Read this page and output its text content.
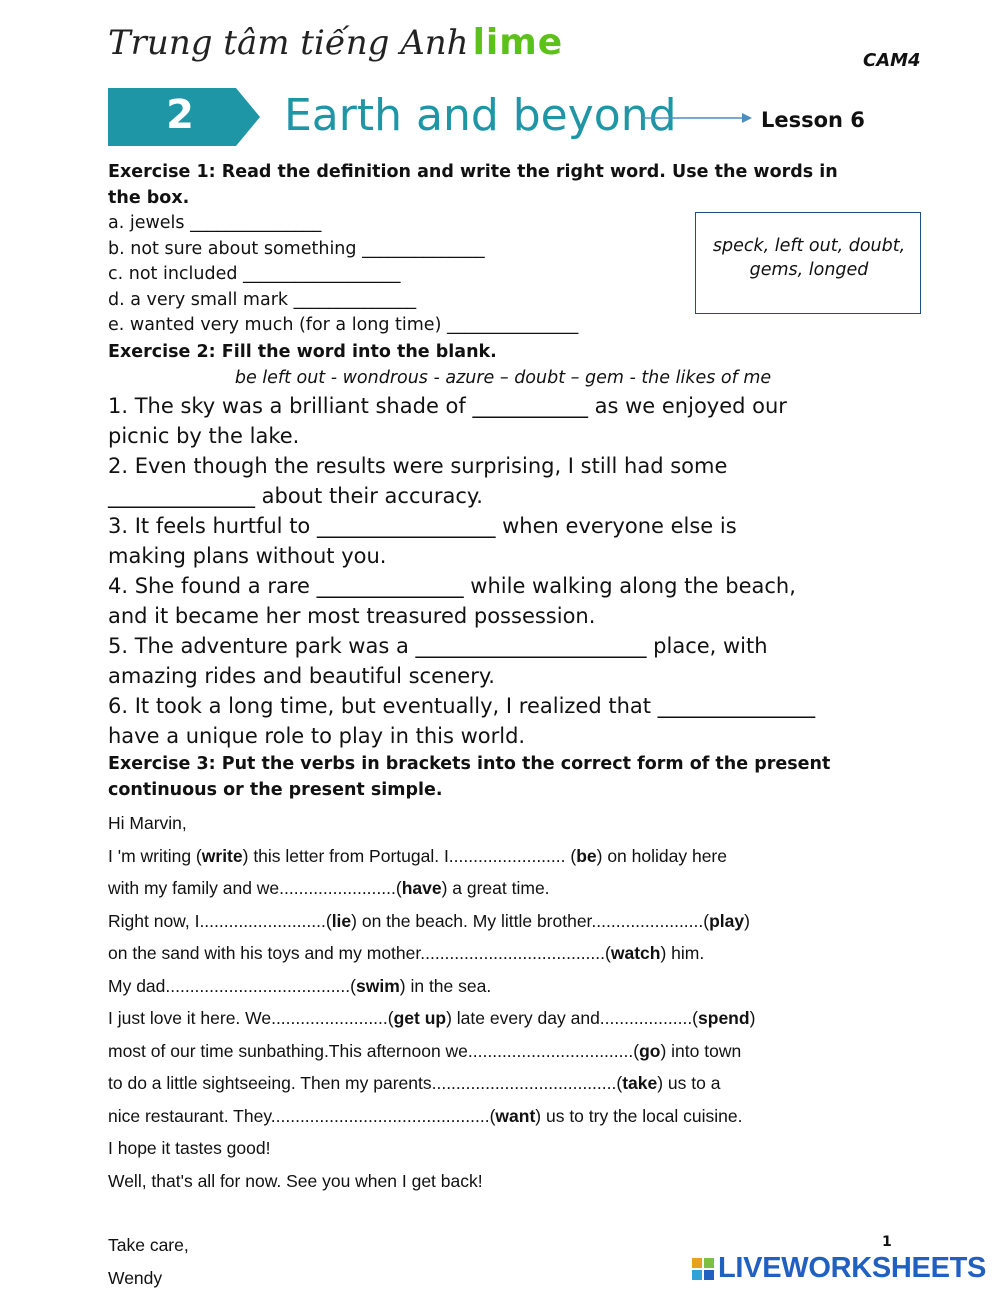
Trung tâm tiếng Anh lime	CAM4
2	Earth and beyond	Lesson 6
Exercise 1: Read the definition and write the right word. Use the words in
the box.
a. jewels _______________
b. not sure about something ______________
c. not included __________________
d. a very small mark ______________
e. wanted very much (for a long time) _______________
speck, left out, doubt,
gems, longed
Exercise 2: Fill the word into the blank.
be left out - wondrous - azure – doubt – gem - the likes of me
1. The sky was a brilliant shade of ___________ as we enjoyed our
picnic by the lake.
2. Even though the results were surprising, I still had some
______________ about their accuracy.
3. It feels hurtful to _________________ when everyone else is
making plans without you.
4. She found a rare ______________ while walking along the beach,
and it became her most treasured possession.
5. The adventure park was a ______________________ place, with
amazing rides and beautiful scenery.
6. It took a long time, but eventually, I realized that _______________
have a unique role to play in this world.
Exercise 3: Put the verbs in brackets into the correct form of the present
continuous or the present simple.
Hi Marvin,
I 'm writing (write) this letter from Portugal. I........................ (be) on holiday here
with my family and we........................(have) a great time.
Right now, I..........................(lie) on the beach. My little brother.......................(play)
on the sand with his toys and my mother......................................(watch) him.
My dad......................................(swim) in the sea.
I just love it here. We........................(get up) late every day and...................(spend)
most of our time sunbathing.This afternoon we..................................(go) into town
to do a little sightseeing. Then my parents......................................(take) us to a
nice restaurant. They.............................................(want) us to try the local cuisine.
I hope it tastes good!
Well, that's all for now. See you when I get back!
Take care,
Wendy
1
LIVEWORKSHEETS
